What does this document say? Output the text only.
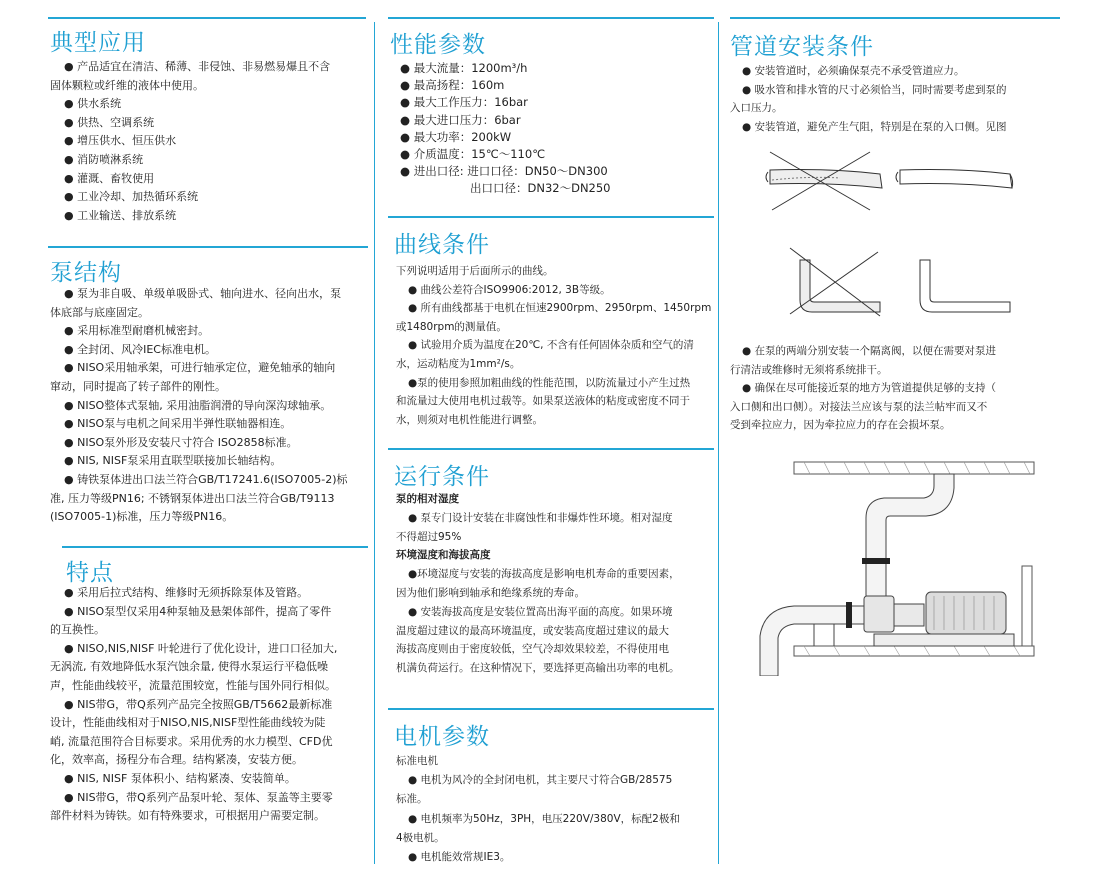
典型应用

● 产品适宜在清洁、稀薄、非侵蚀、非易燃易爆且不含

固体颗粒或纤维的液体中使用。

● 供水系统

● 供热、空调系统

● 增压供水、恒压供水

● 消防喷淋系统

● 灌溉、畜牧使用

● 工业冷却、加热循环系统

● 工业输送、排放系统

泵结构

● 泵为非自吸、单级单吸卧式、轴向进水、径向出水，泵

体底部与底座固定。

● 采用标准型耐磨机械密封。

● 全封闭、风冷IEC标准电机。

● NISO采用轴承架，可进行轴承定位，避免轴承的轴向

窜动，同时提高了转子部件的刚性。

● NISO整体式泵轴, 采用油脂润滑的导向深沟球轴承。

● NISO泵与电机之间采用半弹性联轴器相连。

● NISO泵外形及安装尺寸符合 ISO2858标准。

● NIS, NISF泵采用直联型联接加长轴结构。

● 铸铁泵体进出口法兰符合GB/T17241.6(ISO7005-2)标

准, 压力等级PN16; 不锈钢泵体进出口法兰符合GB/T9113

(ISO7005-1)标准，压力等级PN16。

特点

● 采用后拉式结构、维修时无须拆除泵体及管路。

● NISO泵型仅采用4种泵轴及悬架体部件，提高了零件

的互换性。

● NISO,NIS,NISF 叶轮进行了优化设计，进口口径加大,

无涡流, 有效地降低水泵汽蚀余量, 使得水泵运行平稳低噪

声，性能曲线较平，流量范围较宽，性能与国外同行相似。

● NIS带G，带Q系列产品完全按照GB/T5662最新标准

设计，性能曲线相对于NISO,NIS,NISF型性能曲线较为陡

峭, 流量范围符合目标要求。采用优秀的水力模型、CFD优

化，效率高，扬程分布合理。结构紧凑，安装方便。

● NIS, NISF 泵体积小、结构紧凑、安装简单。

● NIS带G，带Q系列产品泵叶轮、泵体、泵盖等主要零

部件材料为铸铁。如有特殊要求，可根据用户需要定制。

性能参数

● 最大流量：1200m³/h

● 最高扬程：160m

● 最大工作压力：16bar

● 最大进口压力：6bar

● 最大功率：200kW

● 介质温度：15℃～110℃

● 进出口径: 进口口径：DN50～DN300

出口口径：DN32～DN250

曲线条件

下列说明适用于后面所示的曲线。

● 曲线公差符合ISO9906:2012, 3B等级。

● 所有曲线都基于电机在恒速2900rpm、2950rpm、1450rpm

或1480rpm的测量值。

● 试验用介质为温度在20℃, 不含有任何固体杂质和空气的清

水，运动粘度为1mm²/s。

●泵的使用参照加粗曲线的性能范围，以防流量过小产生过热

和流量过大使用电机过载等。如果泵送液体的粘度或密度不同于

水，则须对电机性能进行调整。

运行条件

泵的相对湿度

● 泵专门设计安装在非腐蚀性和非爆炸性环境。相对湿度

不得超过95%

环境湿度和海拔高度

●环境湿度与安装的海拔高度是影响电机寿命的重要因素，

因为他们影响到轴承和绝缘系统的寿命。

● 安装海拔高度是安装位置高出海平面的高度。如果环境

温度超过建议的最高环境温度，或安装高度超过建议的最大

海拔高度则由于密度较低，空气冷却效果较差，不得使用电

机满负荷运行。在这种情况下，要选择更高输出功率的电机。

电机参数

标准电机

● 电机为风冷的全封闭电机，其主要尺寸符合GB/28575

标准。

● 电机频率为50Hz，3PH，电压220V/380V，标配2极和

4极电机。

● 电机能效常规IE3。

管道安装条件

● 安装管道时，必须确保泵壳不承受管道应力。

● 吸水管和排水管的尺寸必须恰当，同时需要考虑到泵的

入口压力。

● 安装管道，避免产生气阻，特别是在泵的入口侧。见图

● 在泵的两端分别安装一个隔离阀，以便在需要对泵进

行清洁或维修时无须将系统排干。

● 确保在尽可能接近泵的地方为管道提供足够的支持（

入口侧和出口侧）。对接法兰应该与泵的法兰帖牢而又不

受到牵拉应力，因为牵拉应力的存在会损坏泵。
